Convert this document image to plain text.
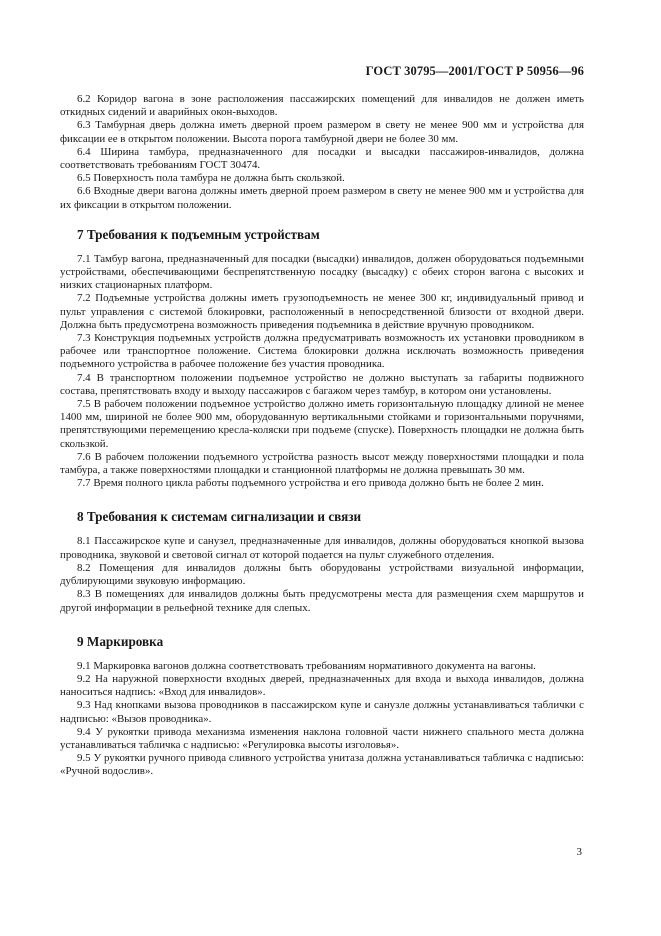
ГОСТ 30795—2001/ГОСТ Р 50956—96

6.2 Коридор вагона в зоне расположения пассажирских помещений для инвалидов не должен иметь откидных сидений и аварийных окон-выходов.

6.3 Тамбурная дверь должна иметь дверной проем размером в свету не менее 900 мм и устройства для фиксации ее в открытом положении. Высота порога тамбурной двери не более 30 мм.

6.4 Ширина тамбура, предназначенного для посадки и высадки пассажиров-инвалидов, должна соответствовать требованиям ГОСТ 30474.

6.5 Поверхность пола тамбура не должна быть скользкой.

6.6 Входные двери вагона должны иметь дверной проем размером в свету не менее 900 мм и устройства для их фиксации в открытом положении.

7 Требования к подъемным устройствам

7.1 Тамбур вагона, предназначенный для посадки (высадки) инвалидов, должен оборудоваться подъемными устройствами, обеспечивающими беспрепятственную посадку (высадку) с обеих сторон вагона с высоких и низких стационарных платформ.

7.2 Подъемные устройства должны иметь грузоподъемность не менее 300 кг, индивидуальный привод и пульт управления с системой блокировки, расположенный в непосредственной близости от входной двери. Должна быть предусмотрена возможность приведения подъемника в действие вручную проводником.

7.3 Конструкция подъемных устройств должна предусматривать возможность их установки проводником в рабочее или транспортное положение. Система блокировки должна исключать возможность приведения подъемного устройства в рабочее положение без участия проводника.

7.4 В транспортном положении подъемное устройство не должно выступать за габариты подвижного состава, препятствовать входу и выходу пассажиров с багажом через тамбур, в котором они установлены.

7.5 В рабочем положении подъемное устройство должно иметь горизонтальную площадку длиной не менее 1400 мм, шириной не более 900 мм, оборудованную вертикальными стойками и горизонтальными поручнями, препятствующими перемещению кресла-коляски при подъеме (спуске). Поверхность площадки не должна быть скользкой.

7.6 В рабочем положении подъемного устройства разность высот между поверхностями площадки и пола тамбура, а также поверхностями площадки и станционной платформы не должна превышать 30 мм.

7.7 Время полного цикла работы подъемного устройства и его привода должно быть не более 2 мин.

8 Требования к системам сигнализации и связи

8.1 Пассажирское купе и санузел, предназначенные для инвалидов, должны оборудоваться кнопкой вызова проводника, звуковой и световой сигнал от которой подается на пульт служебного отделения.

8.2 Помещения для инвалидов должны быть оборудованы устройствами визуальной информации, дублирующими звуковую информацию.

8.3 В помещениях для инвалидов должны быть предусмотрены места для размещения схем маршрутов и другой информации в рельефной технике для слепых.

9 Маркировка

9.1 Маркировка вагонов должна соответствовать требованиям нормативного документа на вагоны.

9.2 На наружной поверхности входных дверей, предназначенных для входа и выхода инвалидов, должна наноситься надпись: «Вход для инвалидов».

9.3 Над кнопками вызова проводников в пассажирском купе и санузле должны устанавливаться таблички с надписью: «Вызов проводника».

9.4 У рукоятки привода механизма изменения наклона головной части нижнего спального места должна устанавливаться табличка с надписью: «Регулировка высоты изголовья».

9.5 У рукоятки ручного привода сливного устройства унитаза должна устанавливаться табличка с надписью: «Ручной водослив».

3
